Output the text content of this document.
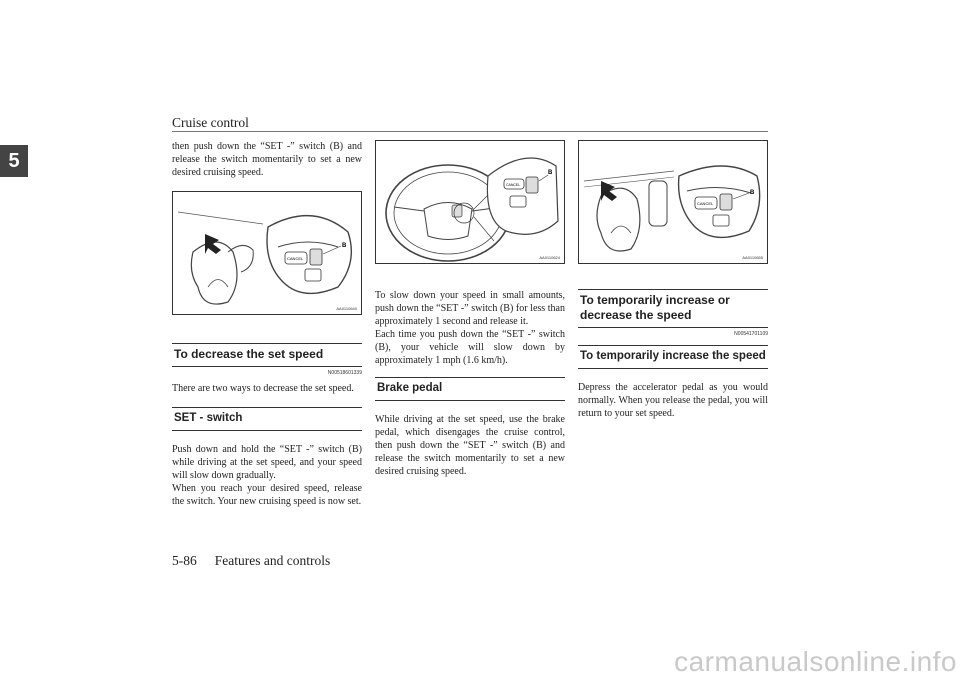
Cruise control
5

then push down the “SET -” switch (B) and release the switch momentarily to set a new desired cruising speed.

CANCEL
B
AA0110640
To decrease the set speed
N00518601339

There are two ways to decrease the set speed.

SET - switch

Push down and hold the “SET -” switch (B) while driving at the set speed, and your speed will slow down gradually.

When you reach your desired speed, release the switch. Your new cruising speed is now set.

CANCEL
B
AA0110624

To slow down your speed in small amounts, push down the “SET -” switch (B) for less than approximately 1 second and release it.

Each time you push down the “SET -” switch (B), your vehicle will slow down by approximately 1 mph (1.6 km/h).

Brake pedal

While driving at the set speed, use the brake pedal, which disengages the cruise control, then push down the “SET -” switch (B) and release the switch momentarily to set a new desired cruising speed.

CANCEL
B
AA0110655
To temporarily increase or decrease the speed
N00541701109
To temporarily increase the speed

Depress the accelerator pedal as you would normally. When you release the pedal, you will return to your set speed.

5-86 Features and controls
carmanualsonline.info
